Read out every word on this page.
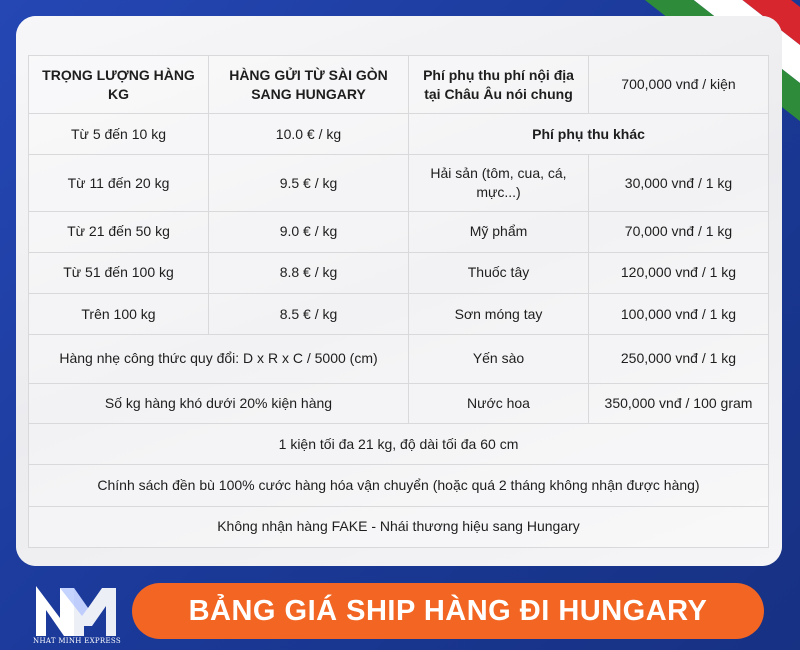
TRỌNG LƯỢNG HÀNG KG	HÀNG GỬI TỪ SÀI GÒN SANG HUNGARY	Phí phụ thu phí nội địa tại Châu Âu nói chung	700,000 vnđ / kiện
Từ 5 đến 10 kg	10.0 € / kg	Phí phụ thu khác	
Từ 11 đến 20 kg	9.5 € / kg	Hải sản (tôm, cua, cá, mực...)	30,000 vnđ / 1 kg
Từ 21 đến 50 kg	9.0 € / kg	Mỹ phẩm	70,000 vnđ / 1 kg
Từ 51 đến 100 kg	8.8 € / kg	Thuốc tây	120,000 vnđ / 1 kg
Trên 100 kg	8.5 € / kg	Sơn móng tay	100,000 vnđ / 1 kg
Hàng nhẹ công thức quy đổi: D x R x C / 5000 (cm)		Yến sào	250,000 vnđ / 1 kg
Số kg hàng khó dưới 20% kiện hàng		Nước hoa	350,000 vnđ / 100 gram
1 kiện tối đa 21 kg, độ dài tối đa 60 cm			
Chính sách đền bù 100% cước hàng hóa vận chuyển (hoặc quá 2 tháng không nhận được hàng)			
Không nhận hàng FAKE - Nhái thương hiệu sang Hungary			
NHAT MINH EXPRESS
BẢNG GIÁ SHIP HÀNG ĐI HUNGARY
